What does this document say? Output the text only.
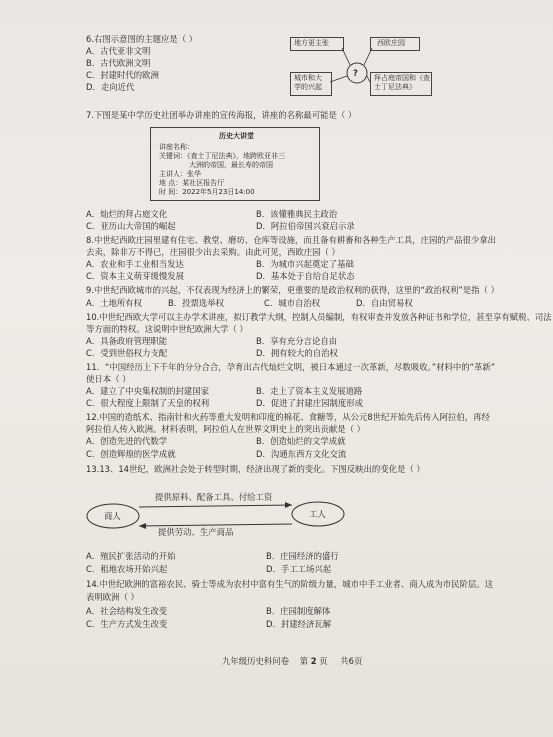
6.右图示意图的主题应是（ ）
A．古代亚非文明
B．古代欧洲文明
C．封建时代的欧洲
D．走向近代
地方更主张	西欧庄园
城市和大学的兴起
拜占庭帝国和《查士丁尼法典》
?
7.下图是某中学历史社团举办讲座的宣传海报，讲座的名称最可能是（ ）
历史大讲堂
讲座名称：
关键词：《查士丁尼法典》，地跨欧亚非三
大洲的帝国，最长寿的帝国
主讲人：张华
地 点：某社区报告厅
时 间：2022年5月23日14:00
A．灿烂的拜占庭文化	B．该懂雅典民主政治
C．亚历山大帝国的崛起	D．阿拉伯帝国兴衰启示录
8.中世纪西欧庄园里建有住宅、教堂、磨坊、仓库等设施，而且备有耕畜和各种生产工具，庄园的产品很少拿出
去卖，除非万不得已，庄园很少出去采购。由此可见，西欧庄园（ ）
A．农业和手工业相当发达	B．为城市兴起奠定了基础
C．资本主义萌芽缓慢发展	D．基本处于自给自足状态
9.中世纪西欧城市的兴起，不仅表现为经济上的繁荣，更重要的是政治权利的获得，这里的“政治权利”是指（ ）
A．土地所有权	B．投票选举权	C．城市自治权	D．自由贸易权
10.中世纪西欧大学可以主办学术讲座，拟订教学大纲，控制人员编制，有权审查并发放各种证书和学位，甚至享有赋税、司法
等方面的特权。这说明中世纪欧洲大学（ ）
A．具备政府管理职能	B．享有充分言论自由
C．受到世俗权力支配	D．拥有较大的自治权
11．“中国经历上下千年的分分合合，孕育出古代灿烂文明，被日本通过一次革新，尽数吸收。”材料中的“革新”
使日本（ ）
A．建立了中央集权制的封建国家	B．走上了资本主义发展道路
C．很大程度上限制了天皇的权利	D．促进了封建庄园制度形成
12.中国的造纸术、指南针和火药等重大发明和印度的棉花、食糖等，从公元8世纪开始先后传入阿拉伯，再经
阿拉伯人传入欧洲。材料表明，阿拉伯人在世界文明史上的突出贡献是（ ）
A．创造先进的代数学	B．创造灿烂的文学成就
C．创造辉煌的医学成就	D．沟通东西方文化交流
13.13、14世纪，欧洲社会处于转型时期，经济出现了新的变化。下图反映出的变化是（ ）
商人	工人
提供原料、配备工具、付给工资
提供劳动、生产商品
A．殖民扩张活动的开始	B．庄园经济的盛行
C．租地农场开始兴起	D．手工工场兴起
14.中世纪欧洲的富裕农民、骑士等成为农村中富有生气的阶级力量，城市中手工业者、商人成为市民阶层。这
表明欧洲（ ）
A．社会结构发生改变	B．庄园制度解体
C．生产方式发生改变	D．封建经济瓦解
九年级历史科问卷 第 2 页 共6页
